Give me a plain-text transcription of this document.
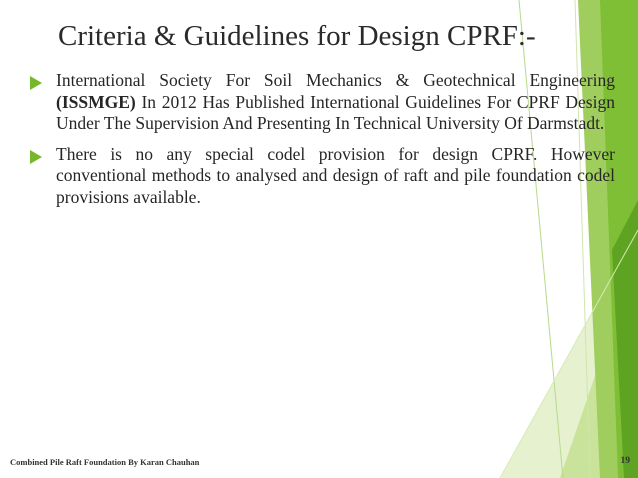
Criteria & Guidelines for Design CPRF:-
International Society For Soil Mechanics & Geotechnical Engineering (ISSMGE) In 2012 Has Published International Guidelines For CPRF Design Under The Supervision And Presenting In Technical University Of Darmstadt.
There is no any special codel provision for design CPRF. However conventional methods to analysed and design of raft and pile foundation codel provisions available.
Combined Pile Raft Foundation By Karan Chauhan	19
